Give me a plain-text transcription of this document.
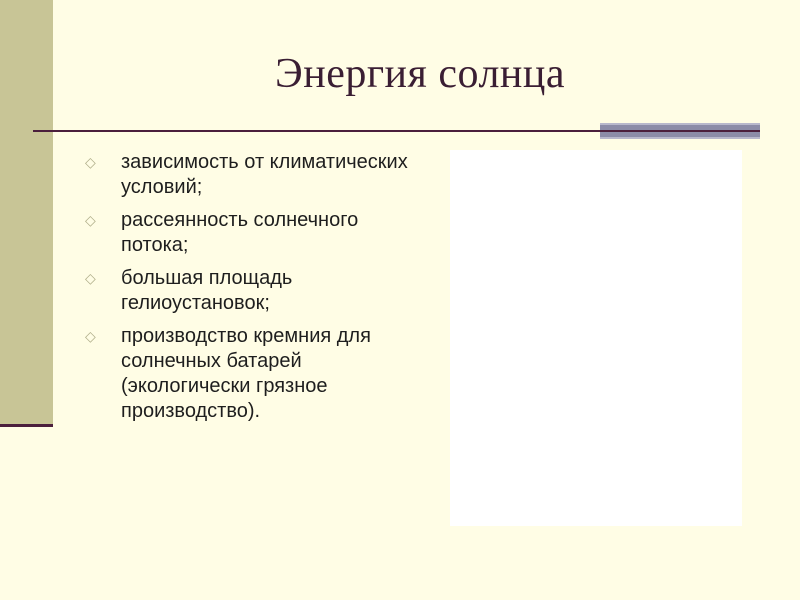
Энергия солнца
◇	зависимость от климатических условий;
◇	рассеянность солнечного потока;
◇	большая площадь гелиоустановок;
◇	производство кремния для солнечных батарей (экологически грязное производство).
